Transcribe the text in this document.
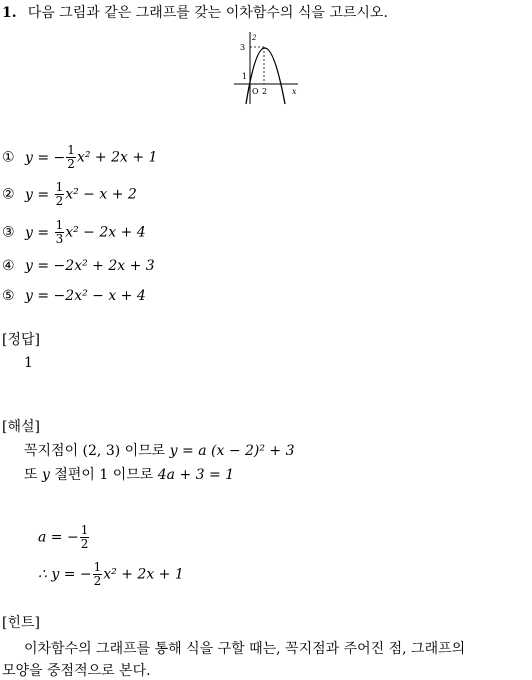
1. 다음 그림과 같은 그래프를 갖는 이차함수의 식을 고르시오.
3
2
1
O 2	x
① y = − $\frac{1}{2} x^2 + 2x + 1$
② $y = \frac{1}{2} x^2 - x + 2$
③ $y = \frac{1}{3} x^2 - 2x + 4$
④ y = −2x² + 2x + 3
⑤ y = −2x² − x + 4
[정답]
1
[해설]
꼭지점이 (2, 3) 이므로 y = a (x − 2)² + 3
또 y 절편이 1 이므로 4a + 3 = 1
a = − $\frac{1}{2}$
∴ y = − $\frac{1}{2} x^2 + 2x + 1$
[힌트]
이차함수의 그래프를 통해 식을 구할 때는, 꼭지점과 주어진 점, 그래프의
모양을 중점적으로 본다.
